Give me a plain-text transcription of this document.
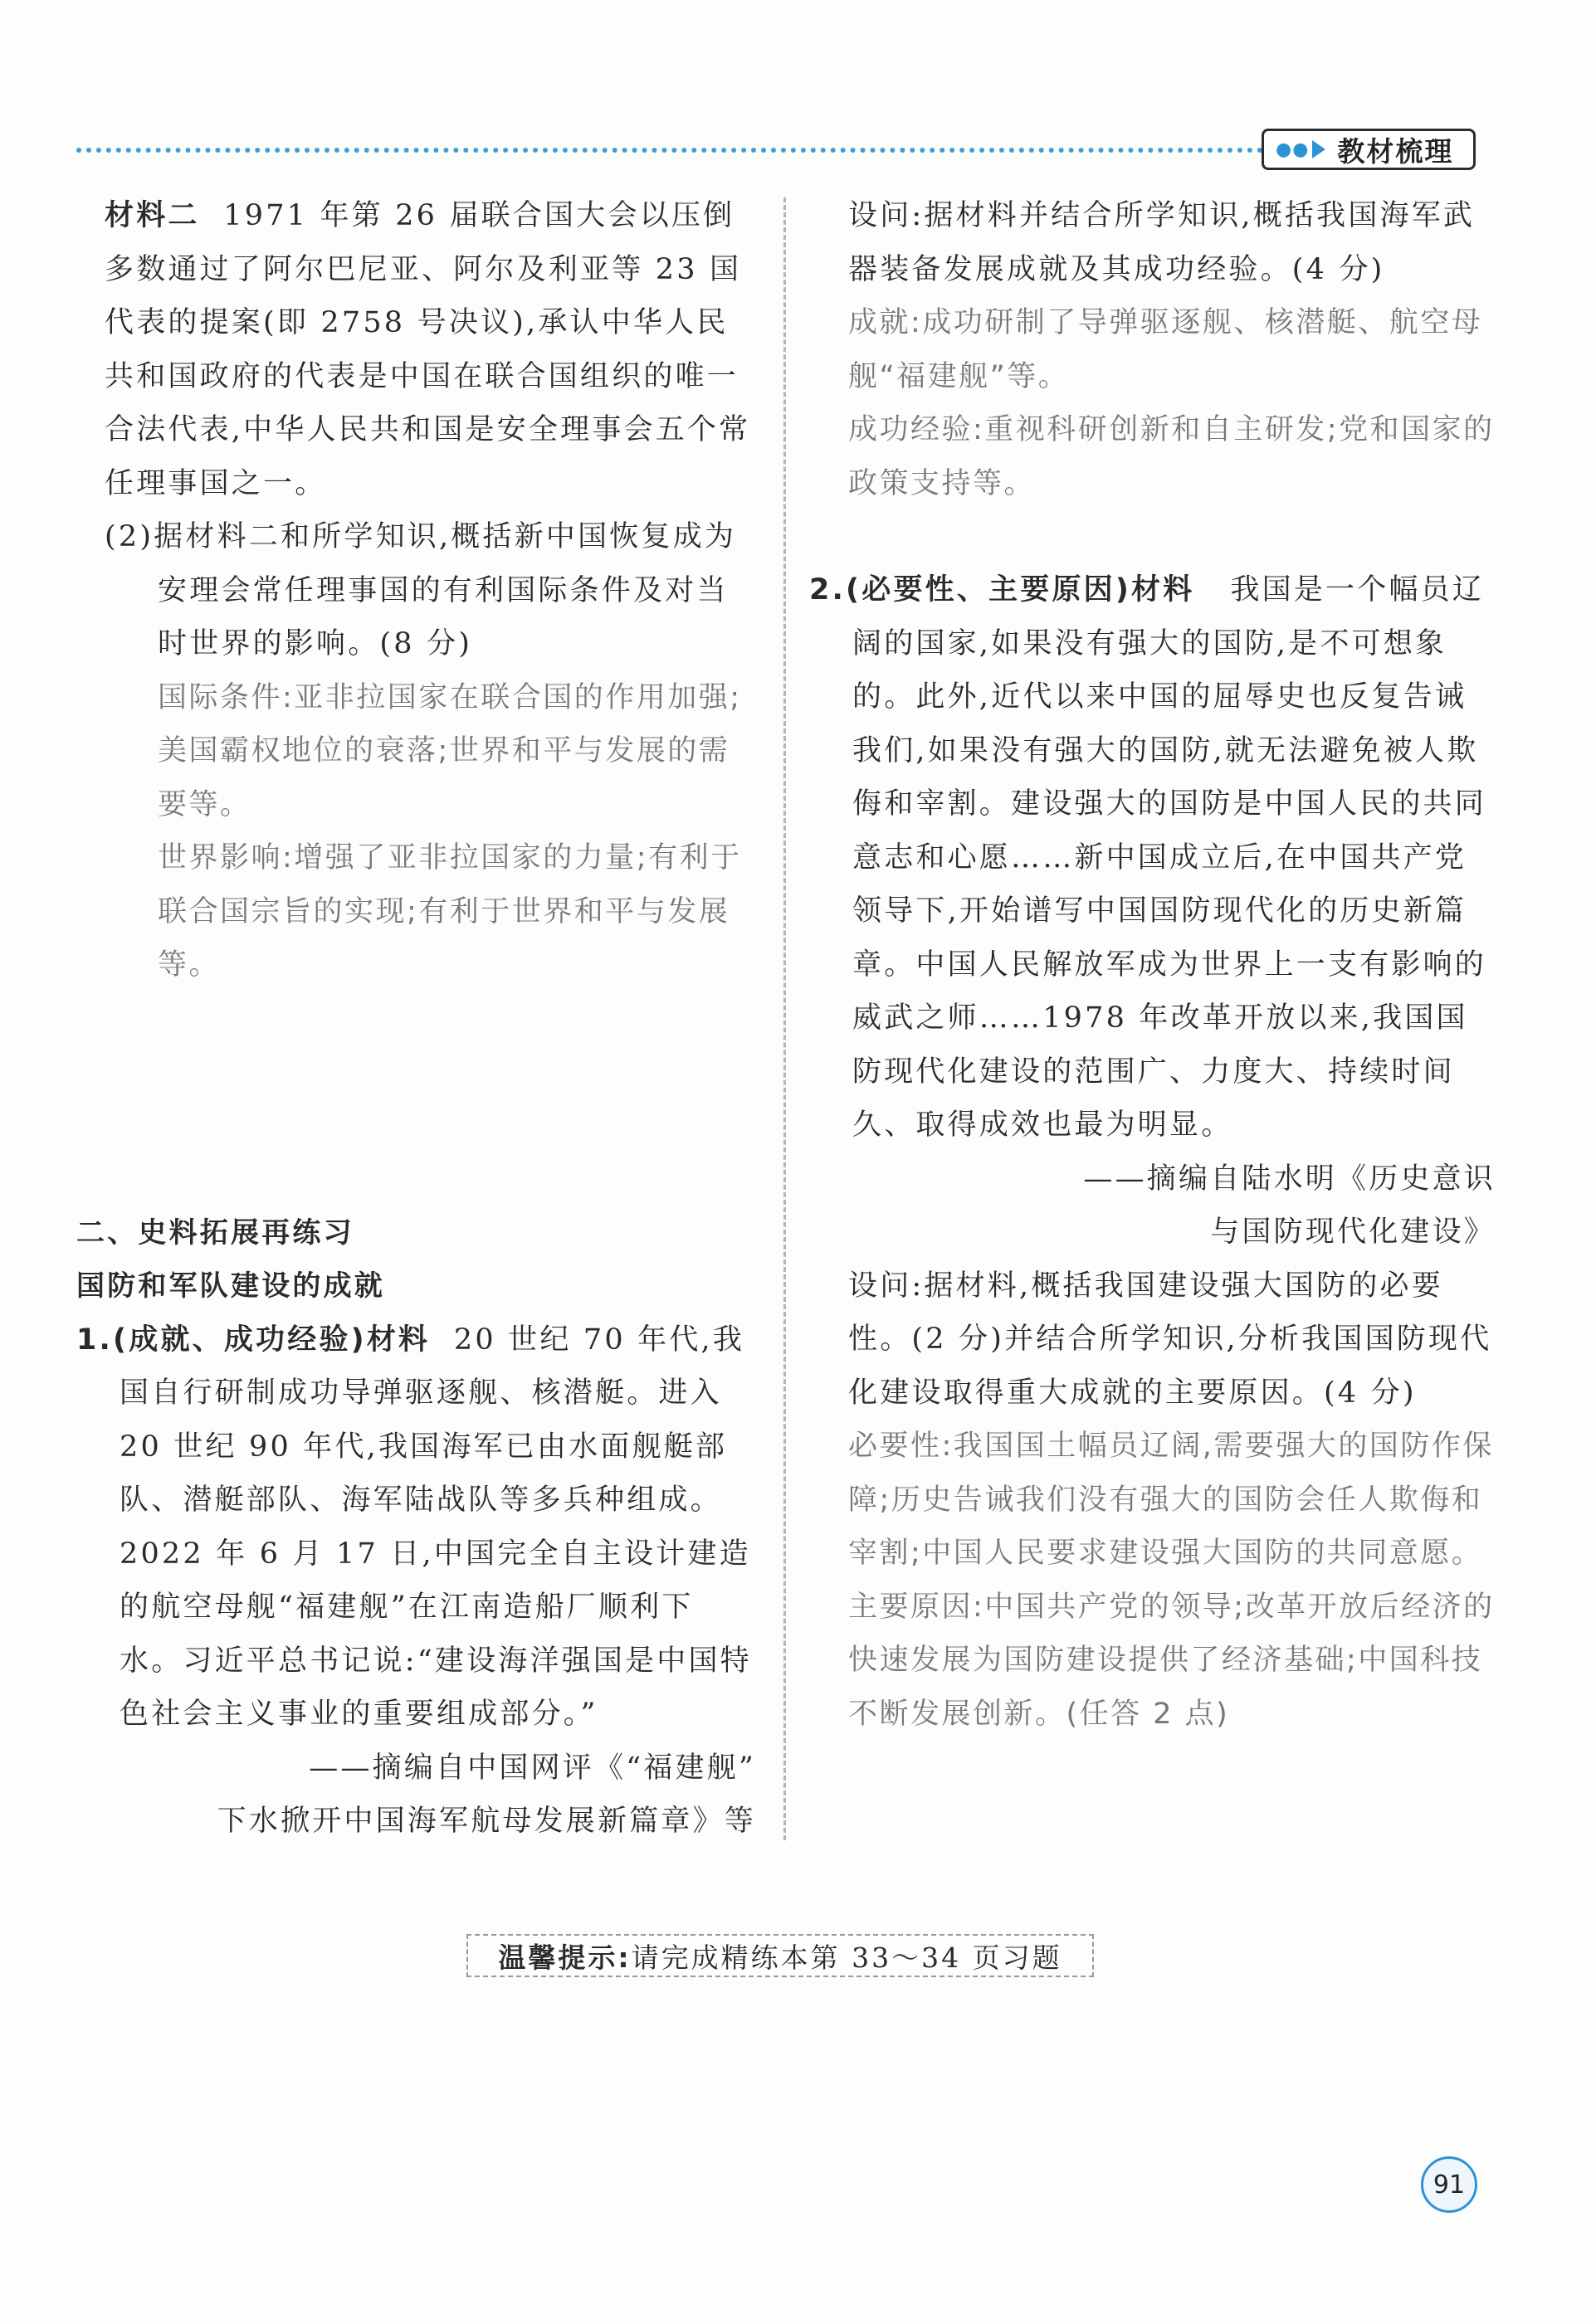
●● 教材梳理

材料二 1971 年第 26 届联合国大会以压倒多数通过了阿尔巴尼亚、阿尔及利亚等 23 国代表的提案(即 2758 号决议),承认中华人民共和国政府的代表是中国在联合国组织的唯一合法代表,中华人民共和国是安全理事会五个常任理事国之一。

(2)据材料二和所学知识,概括新中国恢复成为安理会常任理事国的有利国际条件及对当时世界的影响。(8 分)

国际条件:亚非拉国家在联合国的作用加强;美国霸权地位的衰落;世界和平与发展的需要等。

世界影响:增强了亚非拉国家的力量;有利于联合国宗旨的实现;有利于世界和平与发展等。

二、史料拓展再练习

国防和军队建设的成就

1.(成就、成功经验)材料 20 世纪 70 年代,我国自行研制成功导弹驱逐舰、核潜艇。进入 20 世纪 90 年代,我国海军已由水面舰艇部队、潜艇部队、海军陆战队等多兵种组成。2022 年 6 月 17 日,中国完全自主设计建造的航空母舰“福建舰”在江南造船厂顺利下水。习近平总书记说:“建设海洋强国是中国特色社会主义事业的重要组成部分。”

——摘编自中国网评《“福建舰”

下水掀开中国海军航母发展新篇章》等

设问:据材料并结合所学知识,概括我国海军武器装备发展成就及其成功经验。(4 分)

成就:成功研制了导弹驱逐舰、核潜艇、航空母舰“福建舰”等。

成功经验:重视科研创新和自主研发;党和国家的政策支持等。

2.(必要性、主要原因)材料 我国是一个幅员辽阔的国家,如果没有强大的国防,是不可想象的。此外,近代以来中国的屈辱史也反复告诫我们,如果没有强大的国防,就无法避免被人欺侮和宰割。建设强大的国防是中国人民的共同意志和心愿……新中国成立后,在中国共产党领导下,开始谱写中国国防现代化的历史新篇章。中国人民解放军成为世界上一支有影响的威武之师……1978 年改革开放以来,我国国防现代化建设的范围广、力度大、持续时间久、取得成效也最为明显。

——摘编自陆水明《历史意识

与国防现代化建设》

设问:据材料,概括我国建设强大国防的必要性。(2 分)并结合所学知识,分析我国国防现代化建设取得重大成就的主要原因。(4 分)

必要性:我国国土幅员辽阔,需要强大的国防作保障;历史告诫我们没有强大的国防会任人欺侮和宰割;中国人民要求建设强大国防的共同意愿。主要原因:中国共产党的领导;改革开放后经济的快速发展为国防建设提供了经济基础;中国科技不断发展创新。(任答 2 点)

温馨提示: 请完成精练本第 33～34 页习题
91
